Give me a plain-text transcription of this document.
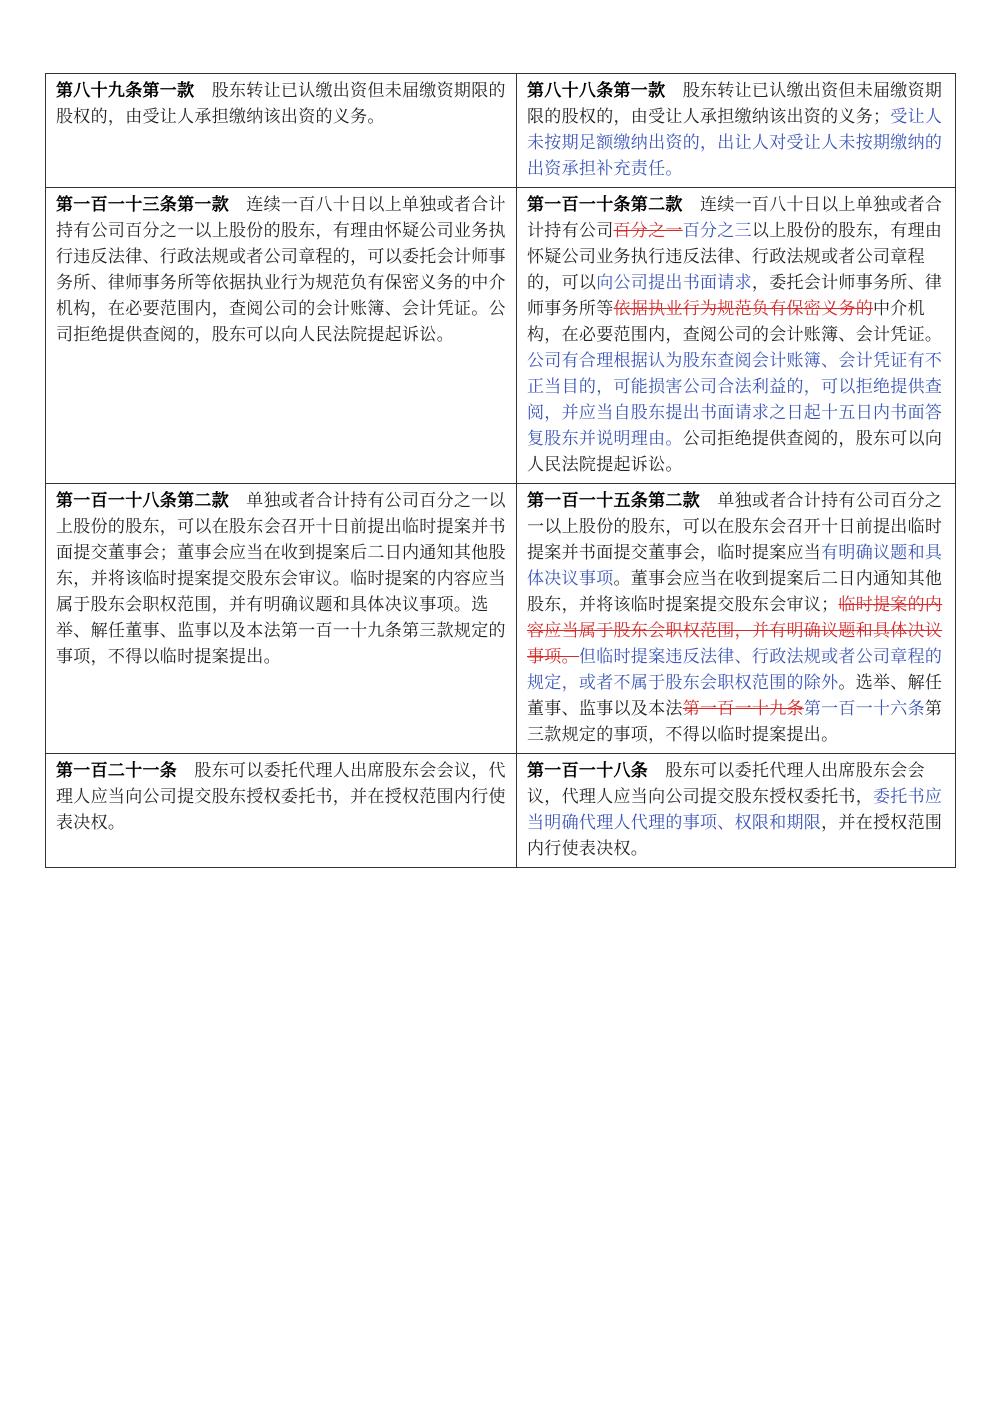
第八十九条第一款　股东转让已认缴出资但未届缴资期限的股权的，由受让人承担缴纳该出资的义务。	第八十八条第一款　股东转让已认缴出资但未届缴资期限的股权的，由受让人承担缴纳该出资的义务；受让人未按期足额缴纳出资的，出让人对受让人未按期缴纳的出资承担补充责任。
第一百一十三条第一款　连续一百八十日以上单独或者合计持有公司百分之一以上股份的股东，有理由怀疑公司业务执行违反法律、行政法规或者公司章程的，可以委托会计师事务所、律师事务所等依据执业行为规范负有保密义务的中介机构，在必要范围内，查阅公司的会计账簿、会计凭证。公司拒绝提供查阅的，股东可以向人民法院提起诉讼。	第一百一十条第二款　连续一百八十日以上单独或者合计持有公司百分之一百分之三以上股份的股东，有理由怀疑公司业务执行违反法律、行政法规或者公司章程的，可以向公司提出书面请求，委托会计师事务所、律师事务所等依据执业行为规范负有保密义务的中介机构，在必要范围内，查阅公司的会计账簿、会计凭证。公司有合理根据认为股东查阅会计账簿、会计凭证有不正当目的，可能损害公司合法利益的，可以拒绝提供查阅，并应当自股东提出书面请求之日起十五日内书面答复股东并说明理由。公司拒绝提供查阅的，股东可以向人民法院提起诉讼。
第一百一十八条第二款　单独或者合计持有公司百分之一以上股份的股东，可以在股东会召开十日前提出临时提案并书面提交董事会；董事会应当在收到提案后二日内通知其他股东，并将该临时提案提交股东会审议。临时提案的内容应当属于股东会职权范围，并有明确议题和具体决议事项。选举、解任董事、监事以及本法第一百一十九条第三款规定的事项，不得以临时提案提出。	第一百一十五条第二款　单独或者合计持有公司百分之一以上股份的股东，可以在股东会召开十日前提出临时提案并书面提交董事会，临时提案应当有明确议题和具体决议事项。董事会应当在收到提案后二日内通知其他股东，并将该临时提案提交股东会审议；临时提案的内容应当属于股东会职权范围，并有明确议题和具体决议事项。但临时提案违反法律、行政法规或者公司章程的规定，或者不属于股东会职权范围的除外。选举、解任董事、监事以及本法第一百一十九条第一百一十六条第三款规定的事项，不得以临时提案提出。
第一百二十一条　股东可以委托代理人出席股东会会议，代理人应当向公司提交股东授权委托书，并在授权范围内行使表决权。	第一百一十八条　股东可以委托代理人出席股东会会议，代理人应当向公司提交股东授权委托书，委托书应当明确代理人代理的事项、权限和期限，并在授权范围内行使表决权。
